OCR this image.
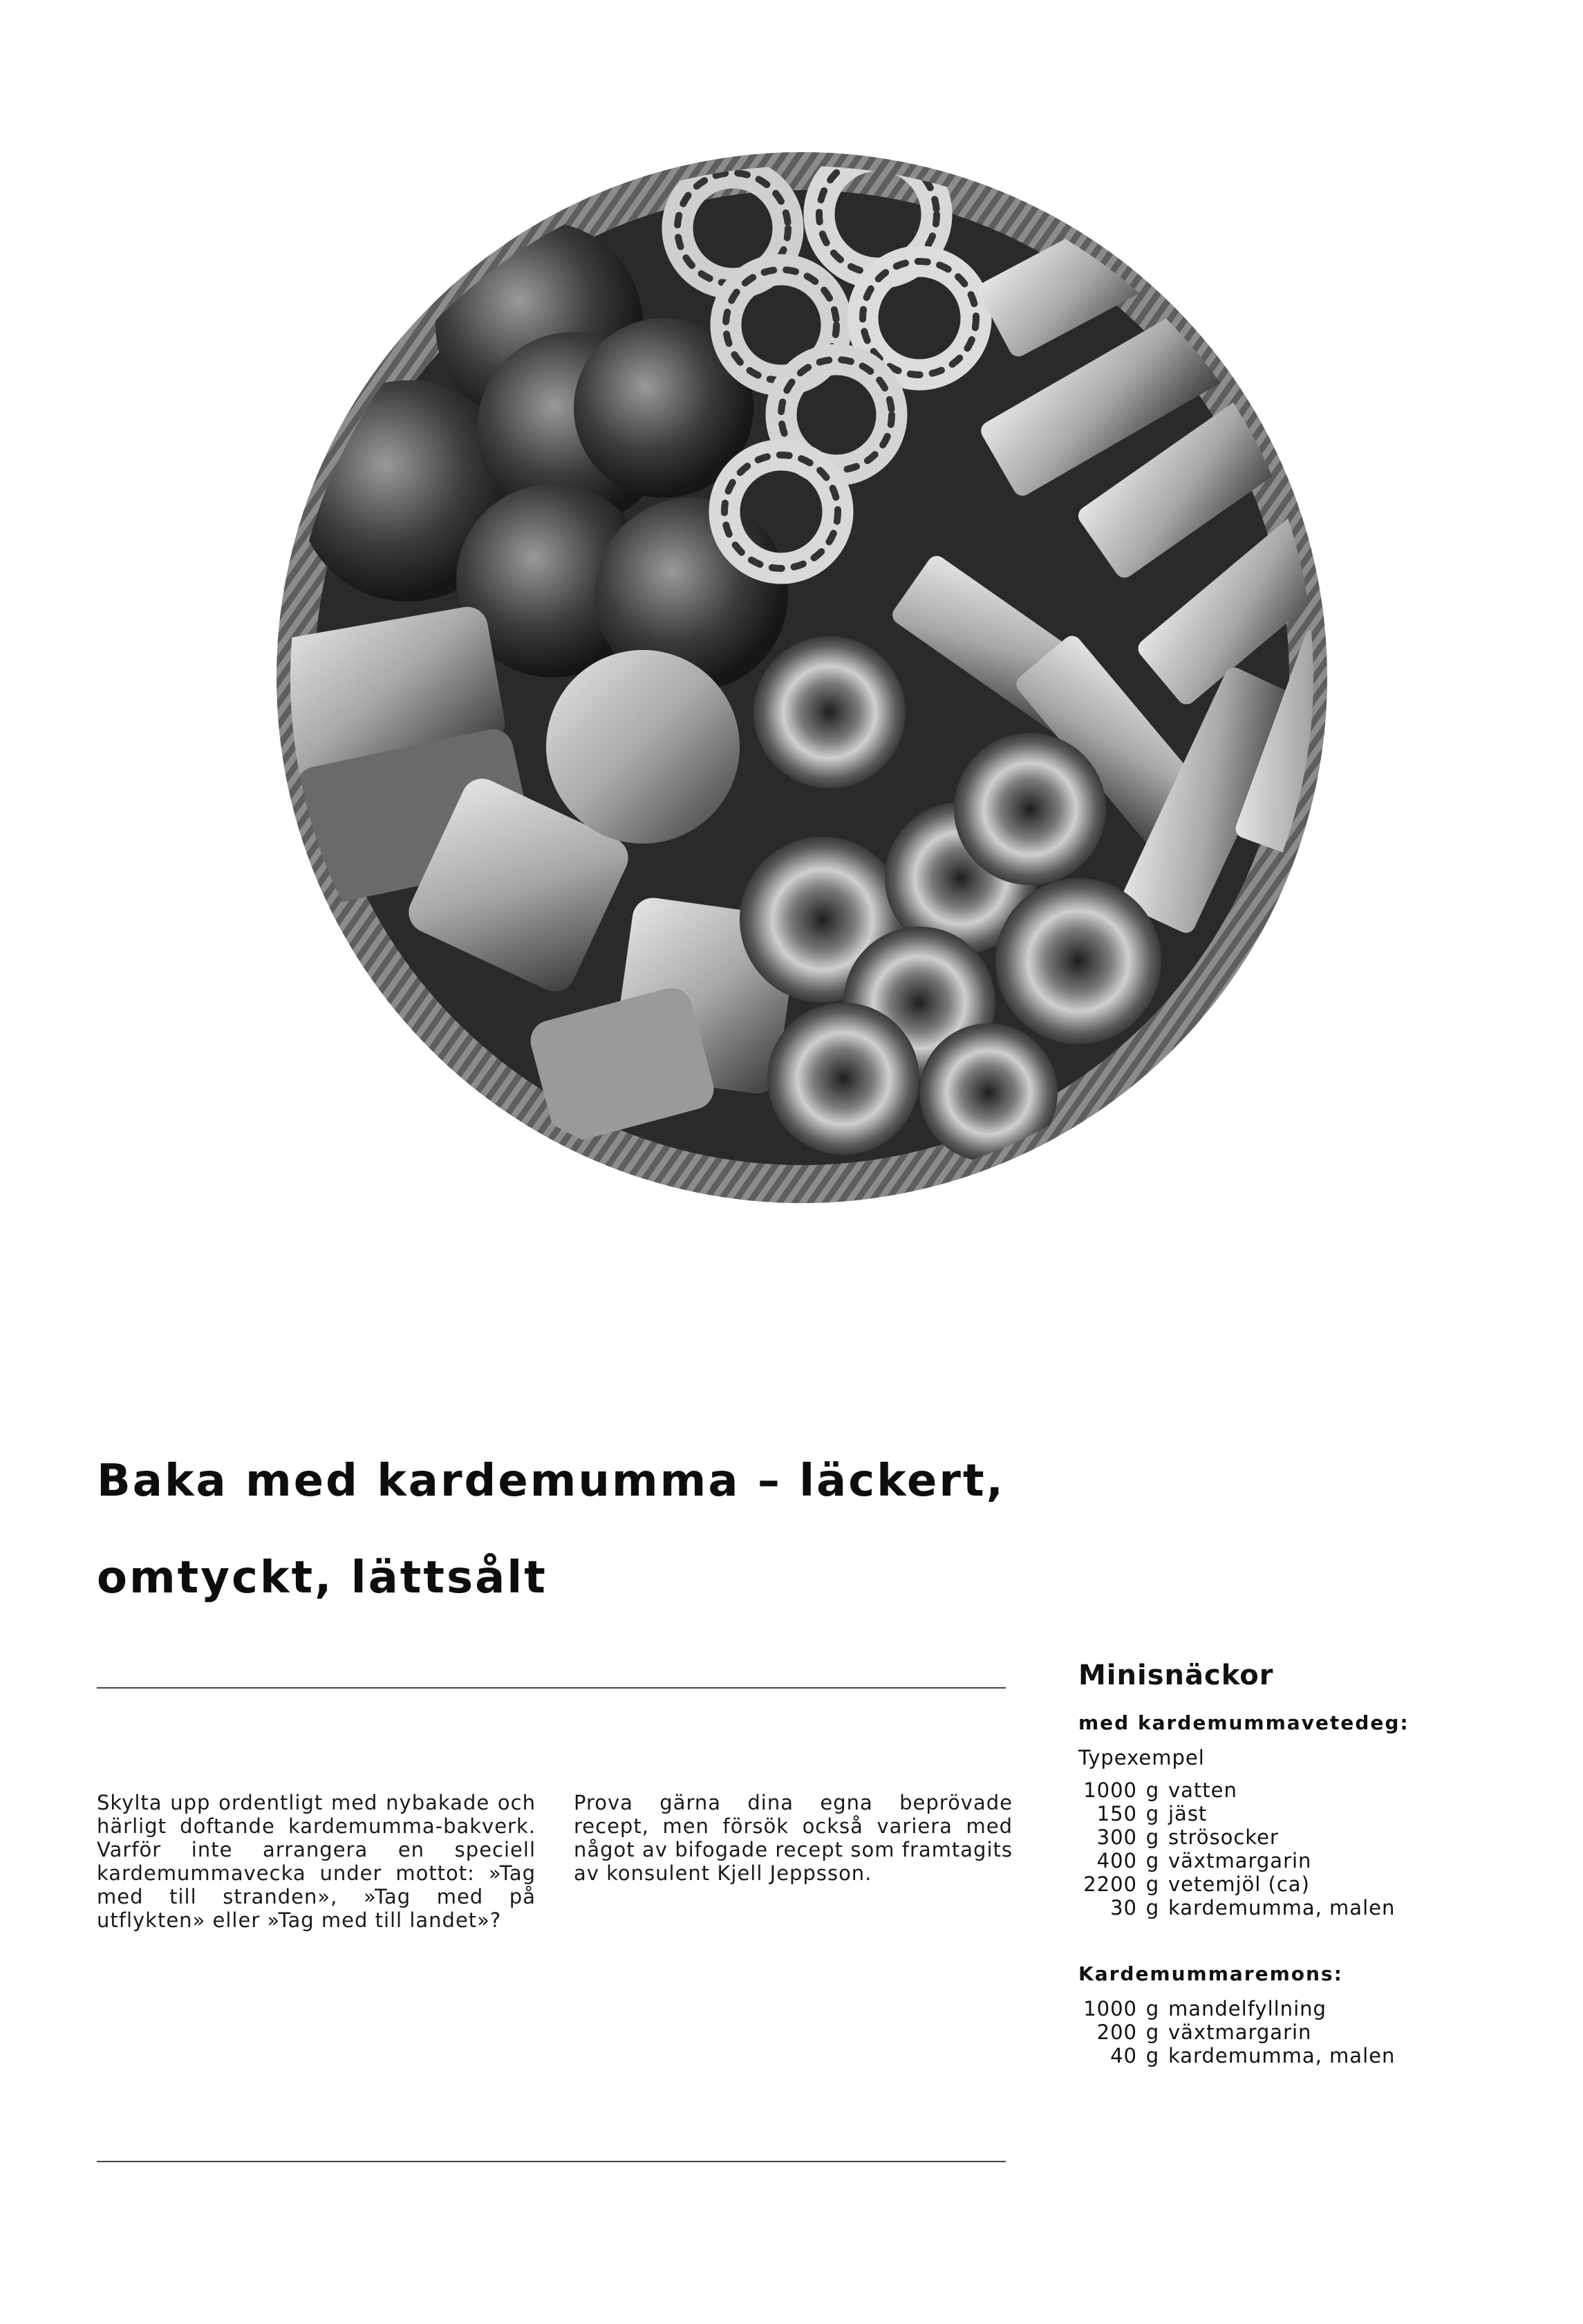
Baka med kardemumma – läckert,
omtyckt, lättsålt

Skylta upp ordentligt med nybakade och härligt doftande kardemumma-bakverk. Varför inte arrangera en speciell kardemummavecka under mottot: »Tag med till stranden», »Tag med på utflykten» eller »Tag med till landet»?

Prova gärna dina egna beprövade recept, men försök också variera med något av bifogade recept som framtagits av konsulent Kjell Jeppsson.

Minisnäckor
med kardemummavetedeg:
Typexempel
1000	g	vatten
150	g	jäst
300	g	strösocker
400	g	växtmargarin
2200	g	vetemjöl (ca)
30	g	kardemumma, malen
Kardemummaremons:
1000	g	mandelfyllning
200	g	växtmargarin
40	g	kardemumma, malen
